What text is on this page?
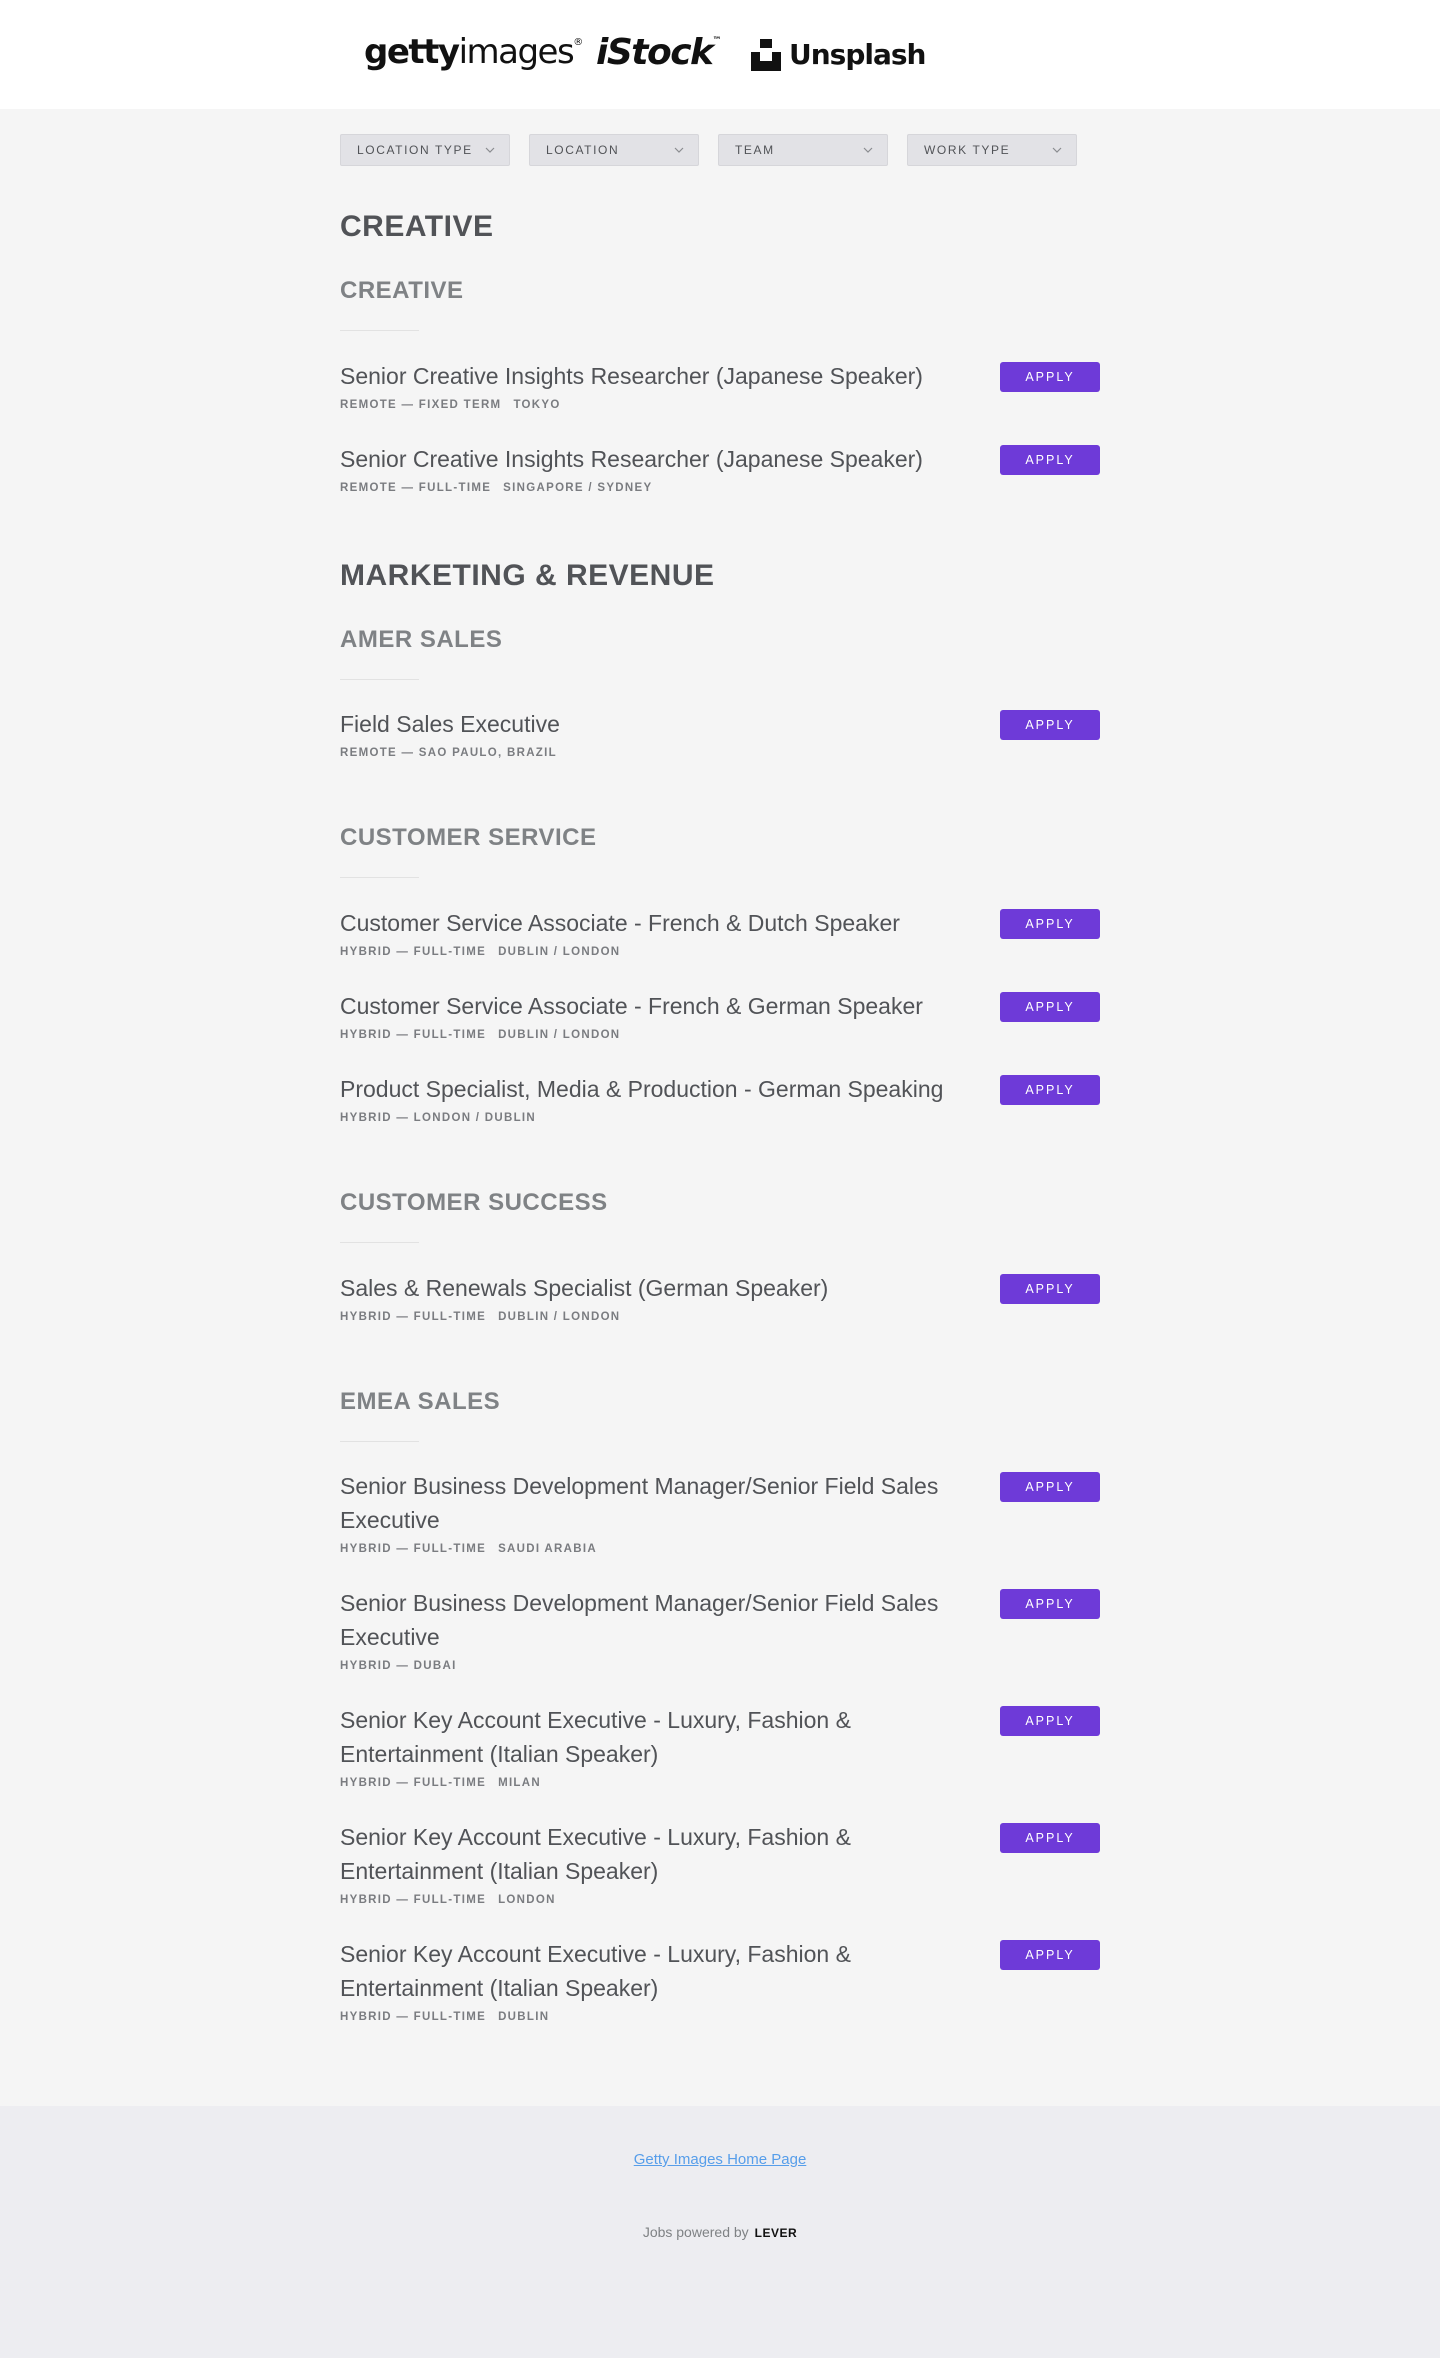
gettyimages® iStock™ Unsplash
LOCATION TYPE	LOCATION	TEAM	WORK TYPE
CREATIVE
CREATIVE
Senior Creative Insights Researcher (Japanese Speaker)
REMOTE — FIXED TERM TOKYO
APPLY
Senior Creative Insights Researcher (Japanese Speaker)
REMOTE — FULL-TIME SINGAPORE / SYDNEY
APPLY
MARKETING & REVENUE
AMER SALES
Field Sales Executive
REMOTE — SAO PAULO, BRAZIL
APPLY
CUSTOMER SERVICE
Customer Service Associate - French & Dutch Speaker
HYBRID — FULL-TIME DUBLIN / LONDON
APPLY
Customer Service Associate - French & German Speaker
HYBRID — FULL-TIME DUBLIN / LONDON
APPLY
Product Specialist, Media & Production - German Speaking
HYBRID — LONDON / DUBLIN
APPLY
CUSTOMER SUCCESS
Sales & Renewals Specialist (German Speaker)
HYBRID — FULL-TIME DUBLIN / LONDON
APPLY
EMEA SALES
Senior Business Development Manager/Senior Field Sales Executive
HYBRID — FULL-TIME SAUDI ARABIA
APPLY
Senior Business Development Manager/Senior Field Sales Executive
HYBRID — DUBAI
APPLY
Senior Key Account Executive - Luxury, Fashion & Entertainment (Italian Speaker)
HYBRID — FULL-TIME MILAN
APPLY
Senior Key Account Executive - Luxury, Fashion & Entertainment (Italian Speaker)
HYBRID — FULL-TIME LONDON
APPLY
Senior Key Account Executive - Luxury, Fashion & Entertainment (Italian Speaker)
HYBRID — FULL-TIME DUBLIN
APPLY
Getty Images Home Page
Jobs powered by LEVER
